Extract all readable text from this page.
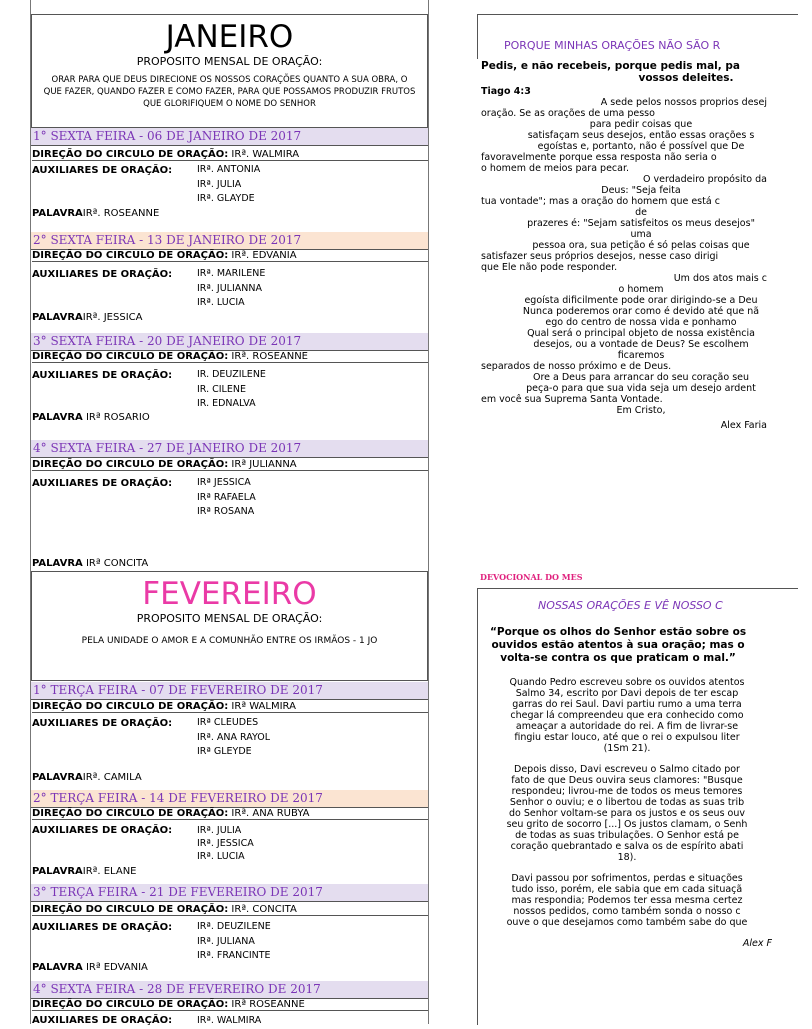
JANEIRO
PROPOSITO MENSAL DE ORAÇÃO:
ORAR PARA QUE DEUS DIRECIONE OS NOSSOS CORAÇÕES QUANTO A SUA OBRA, O QUE FAZER, QUANDO FAZER E COMO FAZER, PARA QUE POSSAMOS PRODUZIR FRUTOS QUE GLORIFIQUEM O NOME DO SENHOR
1° SEXTA FEIRA - 06 DE JANEIRO DE 2017
DIREÇÃO DO CIRCULO DE ORAÇÃO: IRª. WALMIRA
AUXILIARES DE ORAÇÃO:	IRª. ANTONIA
IRª. JULIA
IRª. GLAYDE
PALAVRAIRª. ROSEANNE
2° SEXTA FEIRA - 13 DE JANEIRO DE 2017
DIREÇÃO DO CIRCULO DE ORAÇÃO: IRª. EDVANIA
AUXILIARES DE ORAÇÃO:	IRª. MARILENE
IRª. JULIANNA
IRª. LUCIA
PALAVRAIRª. JESSICA
3° SEXTA FEIRA - 20 DE JANEIRO DE 2017
DIREÇÃO DO CIRCULO DE ORAÇÃO: IRª. ROSEANNE
AUXILIARES DE ORAÇÃO:	IR. DEUZILENE
IR. CILENE
IR. EDNALVA
PALAVRA IRª ROSARIO
4° SEXTA FEIRA - 27 DE JANEIRO DE 2017
DIREÇÃO DO CIRCULO DE ORAÇÃO: IRª JULIANNA
AUXILIARES DE ORAÇÃO:	IRª JESSICA
IRª RAFAELA
IRª ROSANA
PALAVRA IRª CONCITA
FEVEREIRO
PROPOSITO MENSAL DE ORAÇÃO:
PELA UNIDADE O AMOR E A COMUNHÃO ENTRE OS IRMÃOS - 1 JO
1° TERÇA FEIRA - 07 DE FEVEREIRO DE 2017
DIREÇÃO DO CIRCULO DE ORAÇÃO: IRª WALMIRA
AUXILIARES DE ORAÇÃO:	IRª CLEUDES
IRª. ANA RAYOL
IRª GLEYDE
PALAVRAIRª. CAMILA
2° TERÇA FEIRA - 14 DE FEVEREIRO DE 2017
DIREÇÃO DO CIRCULO DE ORAÇÃO: IRª. ANA RUBYA
AUXILIARES DE ORAÇÃO:	IRª. JULIA
IRª. JESSICA
IRª. LUCIA
PALAVRAIRª. ELANE
3° TERÇA FEIRA - 21 DE FEVEREIRO DE 2017
DIREÇÃO DO CIRCULO DE ORAÇÃO: IRª. CONCITA
AUXILIARES DE ORAÇÃO:	IRª. DEUZILENE
IRª. JULIANA
IRª. FRANCINTE
PALAVRA IRª EDVANIA
4° SEXTA FEIRA - 28 DE FEVEREIRO DE 2017
DIREÇÃO DO CIRCULO DE ORAÇÃO: IRª ROSEANNE
AUXILIARES DE ORAÇÃO:	IRª. WALMIRA
PORQUE MINHAS ORAÇÕES NÃO SÃO R
Pedis, e não recebeis, porque pedis mal, pa
vossos deleites.
Tiago 4:3
A sede pelos nossos proprios desej
oração. Se as orações de uma pesso
para pedir coisas que
satisfaçam seus desejos, então essas orações s
egoístas e, portanto, não é possível que De
favoravelmente porque essa resposta não seria o
o homem de meios para pecar.
O verdadeiro propósito da
Deus: "Seja feita
tua vontade"; mas a oração do homem que está c
de
prazeres é: "Sejam satisfeitos os meus desejos"
uma
pessoa ora, sua petição é só pelas coisas que
satisfazer seus próprios desejos, nesse caso dirigi
que Ele não pode responder.
Um dos atos mais c
o homem
egoísta dificilmente pode orar dirigindo-se a Deu
Nunca poderemos orar como é devido até que nã
ego do centro de nossa vida e ponhamo
Qual será o principal objeto de nossa existência
desejos, ou a vontade de Deus? Se escolhem
ficaremos
separados de nosso próximo e de Deus.
Ore a Deus para arrancar do seu coração seu
peça-o para que sua vida seja um desejo ardent
em você sua Suprema Santa Vontade.
Em Cristo,
Alex Faria
DEVOCIONAL DO MES
NOSSAS ORAÇÕES E VÊ NOSSO C
“Porque os olhos do Senhor estão sobre os
ouvidos estão atentos à sua oração; mas o
volta-se contra os que praticam o mal.”
Quando Pedro escreveu sobre os ouvidos atentos
Salmo 34, escrito por Davi depois de ter escap
garras do rei Saul. Davi partiu rumo a uma terra
chegar lá compreendeu que era conhecido como
ameaçar a autoridade do rei. A fim de livrar-se
fingiu estar louco, até que o rei o expulsou liter
(1Sm 21).
Depois disso, Davi escreveu o Salmo citado por
fato de que Deus ouvira seus clamores: "Busque
respondeu; livrou-me de todos os meus temores
Senhor o ouviu; e o libertou de todas as suas trib
do Senhor voltam-se para os justos e os seus ouv
seu grito de socorro [...] Os justos clamam, o Senh
de todas as suas tribulações. O Senhor está pe
coração quebrantado e salva os de espírito abati
18).
Davi passou por sofrimentos, perdas e situações
tudo isso, porém, ele sabia que em cada situaçã
mas respondia; Podemos ter essa mesma certez
nossos pedidos, como também sonda o nosso c
ouve o que desejamos como também sabe do que
Alex F
